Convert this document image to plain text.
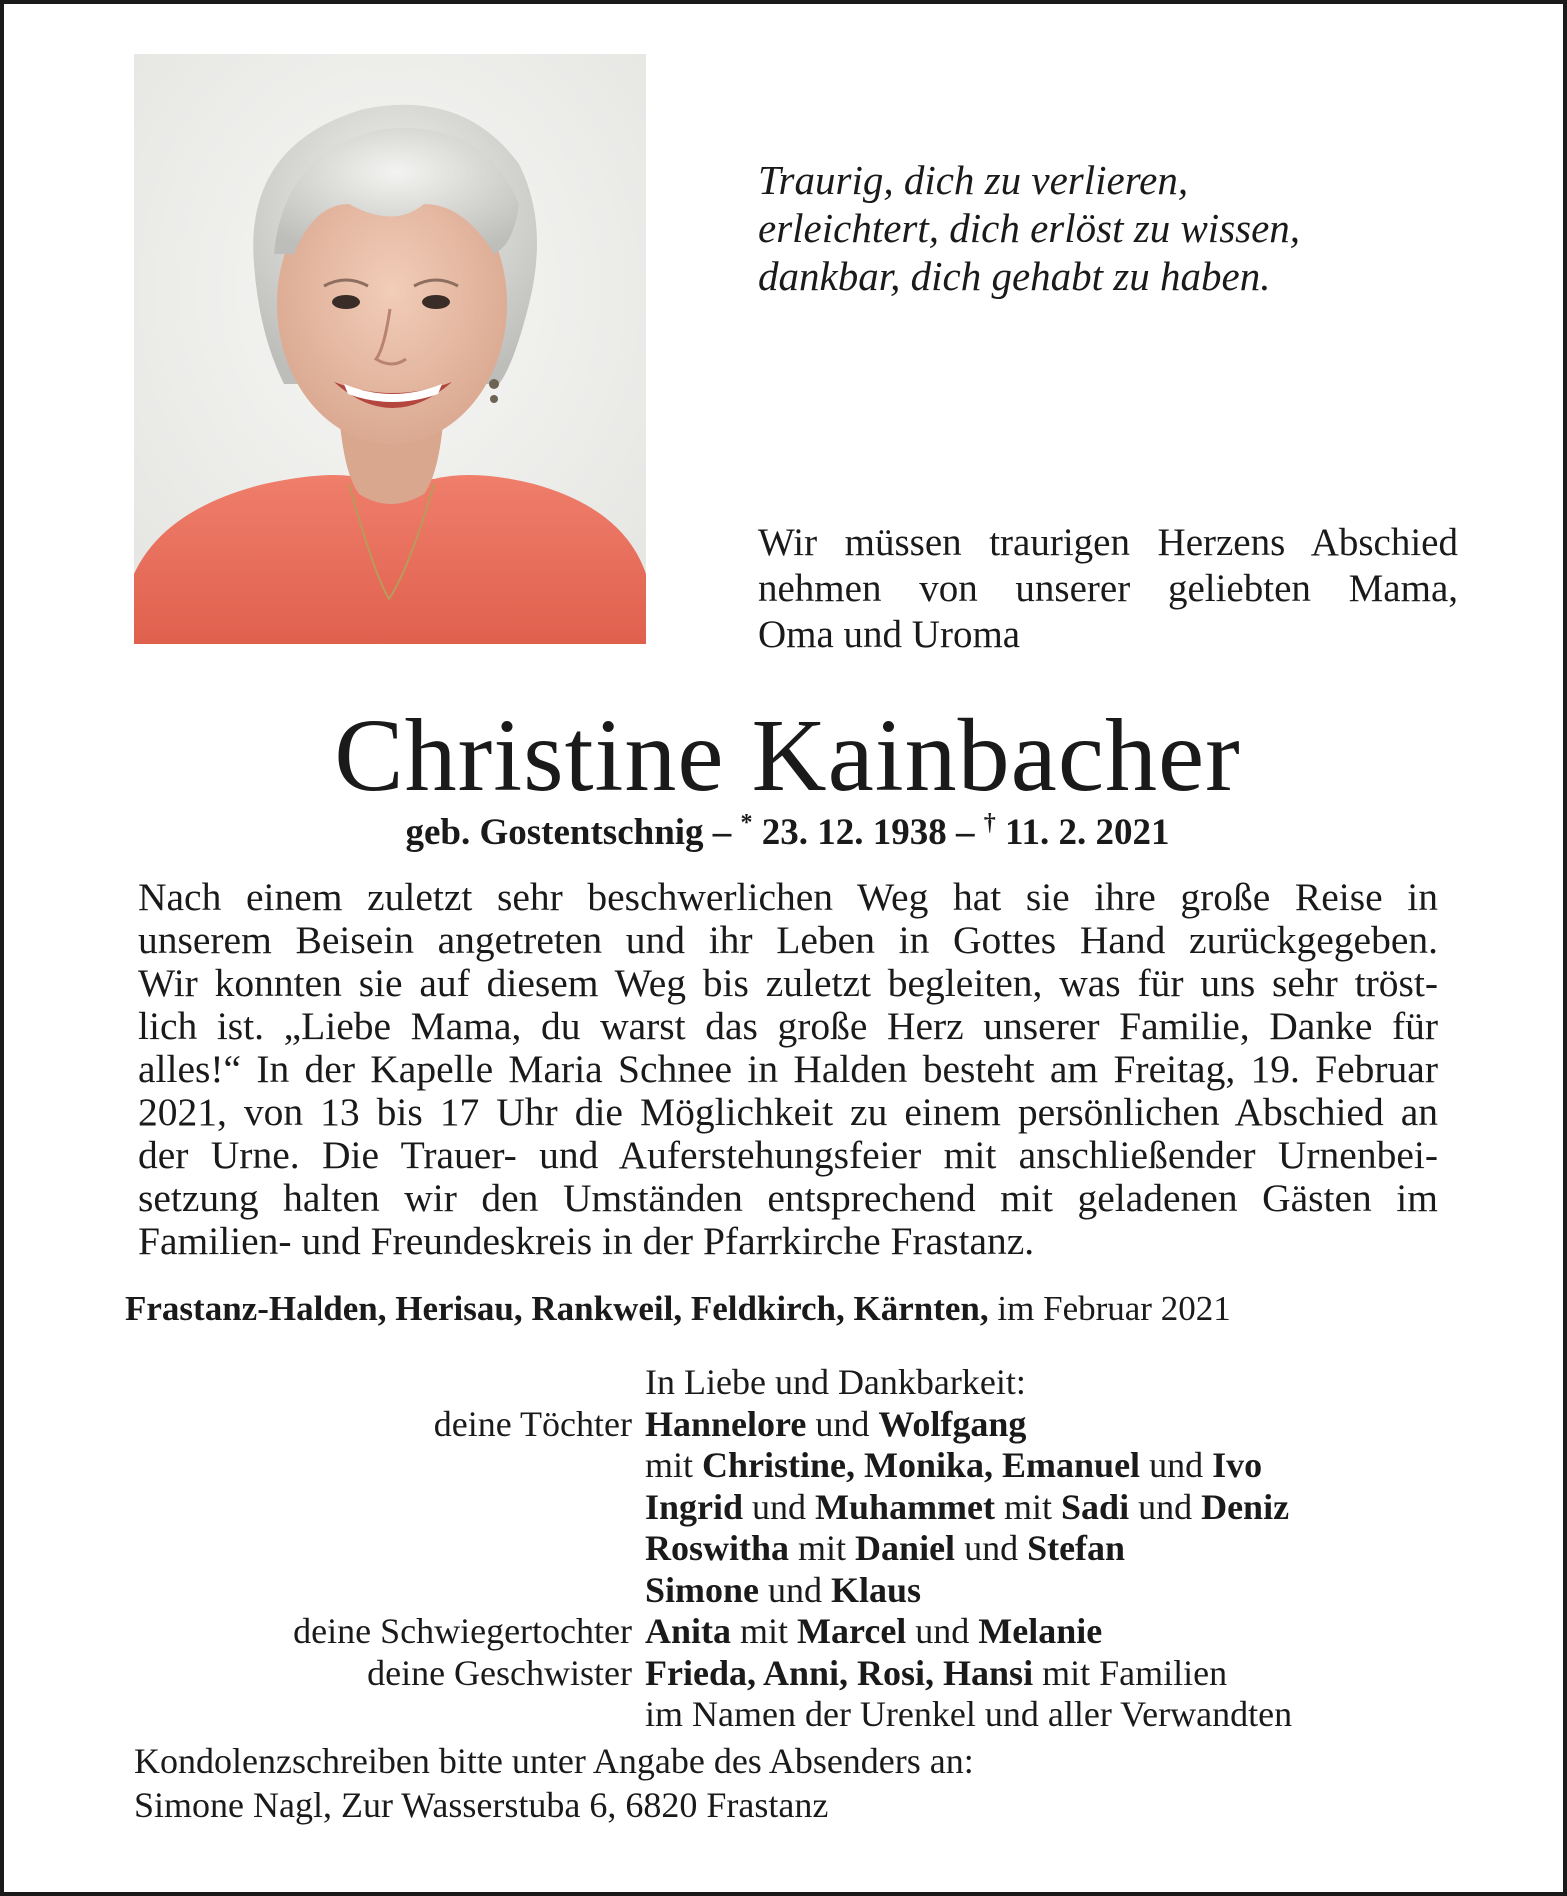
Traurig, dich zu verlieren,
erleichtert, dich erlöst zu wissen,
dankbar, dich gehabt zu haben.
Wir müssen traurigen Herzens Abschied
nehmen von unserer geliebten Mama,
Oma und Uroma
Christine Kainbacher
geb. Gostentschnig – * 23. 12. 1938 – † 11. 2. 2021
Nach einem zuletzt sehr beschwerlichen Weg hat sie ihre große Reise in
unserem Beisein angetreten und ihr Leben in Gottes Hand zurückgegeben.
Wir konnten sie auf diesem Weg bis zuletzt begleiten, was für uns sehr tröst-
lich ist. „Liebe Mama, du warst das große Herz unserer Familie, Danke für
alles!“ In der Kapelle Maria Schnee in Halden besteht am Freitag, 19. Februar
2021, von 13 bis 17 Uhr die Möglichkeit zu einem persönlichen Abschied an
der Urne. Die Trauer- und Auferstehungsfeier mit anschließender Urnenbei-
setzung halten wir den Umständen entsprechend mit geladenen Gästen im
Familien- und Freundeskreis in der Pfarrkirche Frastanz.
Frastanz-Halden, Herisau, Rankweil, Feldkirch, Kärnten, im Februar 2021
In Liebe und Dankbarkeit:
deine Töchter Hannelore und Wolfgang
mit Christine, Monika, Emanuel und Ivo
Ingrid und Muhammet mit Sadi und Deniz
Roswitha mit Daniel und Stefan
Simone und Klaus
deine Schwiegertochter Anita mit Marcel und Melanie
deine Geschwister Frieda, Anni, Rosi, Hansi mit Familien
im Namen der Urenkel und aller Verwandten
Kondolenzschreiben bitte unter Angabe des Absenders an:
Simone Nagl, Zur Wasserstuba 6, 6820 Frastanz
